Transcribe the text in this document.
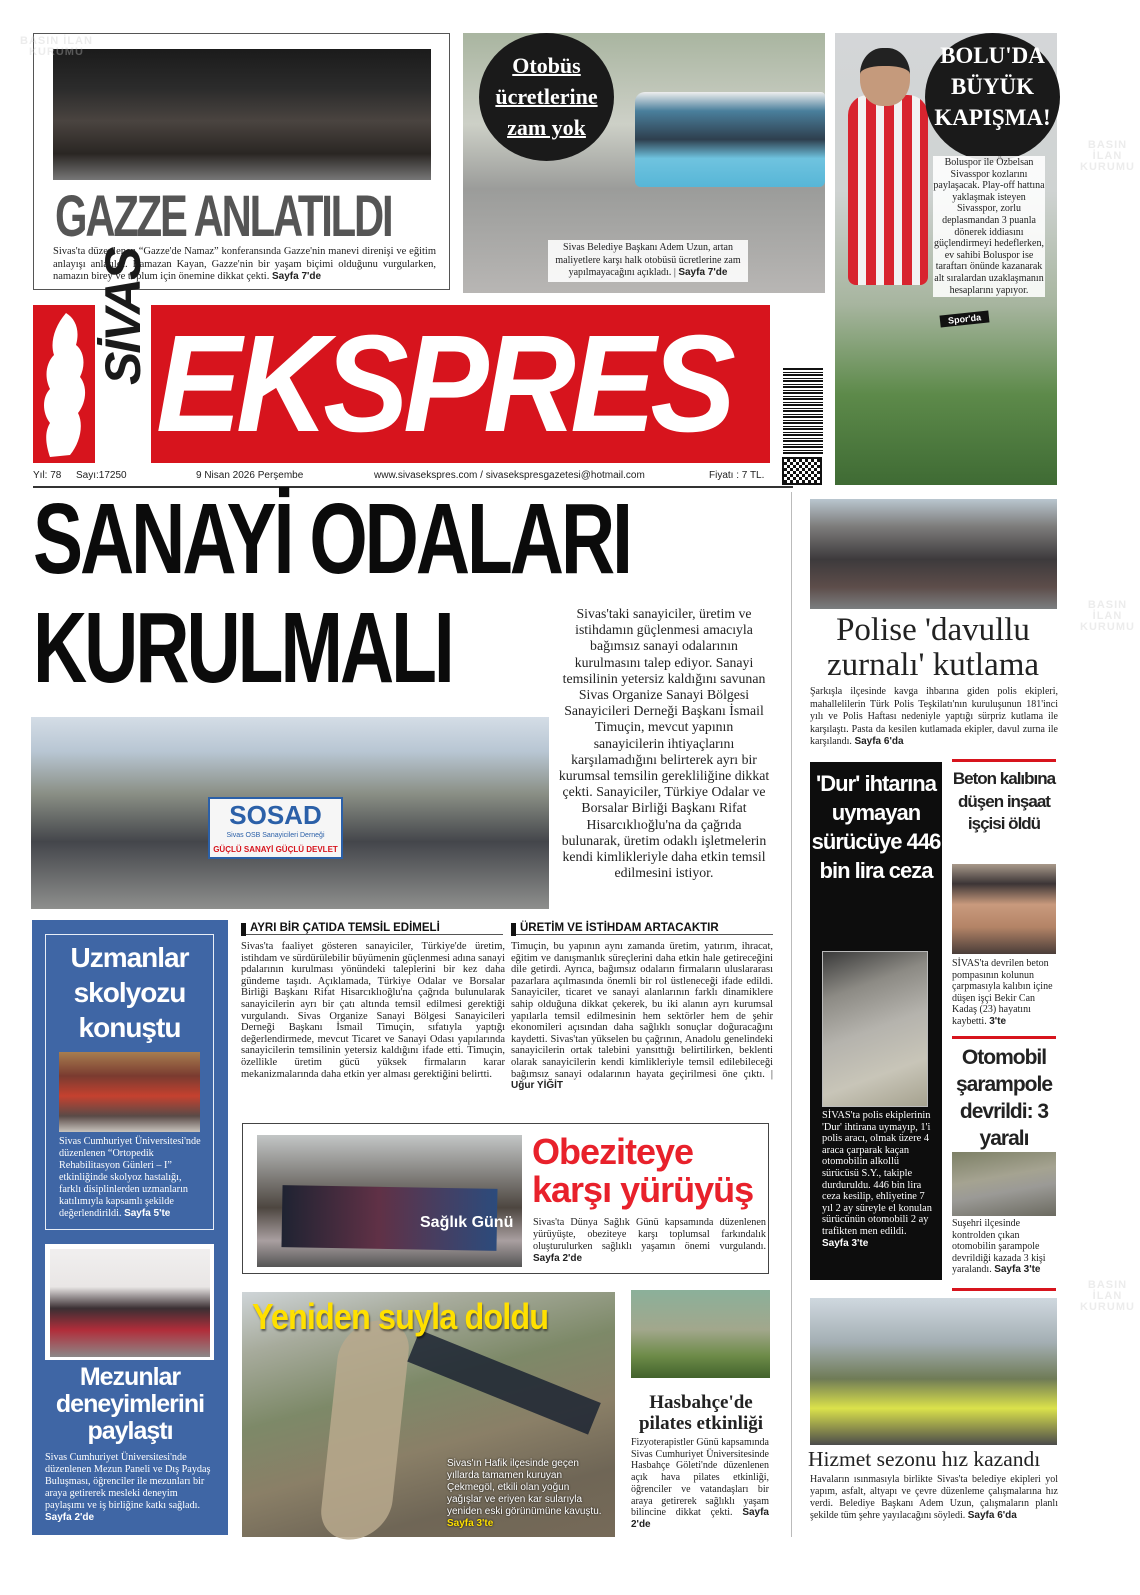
GAZZE ANLATILDI
Sivas'ta düzenlenen “Gazze'de Namaz” konferansında Gazze'nin manevi direnişi ve eğitim anlayışı anlatıldı. Ramazan Kayan, Gazze'nin bir yaşam biçimi olduğunu vurgularken, namazın birey ve toplum için önemine dikkat çekti. Sayfa 7'de
Otobüs
ücretlerine
zam yok
Sivas Belediye Başkanı Adem Uzun, artan maliyetlere karşı halk otobüsü ücretlerine zam yapılmayacağını açıkladı. | Sayfa 7'de
BOLU'DA
BÜYÜK
KAPIŞMA!
Boluspor ile Özbelsan Sivasspor kozlarını paylaşacak. Play-off hattına yaklaşmak isteyen Sivasspor, zorlu deplasmandan 3 puanla dönerek iddiasını güçlendirmeyi hedeflerken, ev sahibi Boluspor ise taraftarı önünde kazanarak alt sıralardan uzaklaşmanın hesaplarını yapıyor.
Spor'da
SİVAS EKSPRES
Yıl: 78 Sayı:17250	9 Nisan 2026 Perşembe	www.sivasekspres.com / sivasekspresgazetesi@hotmail.com	Fiyatı : 7 TL.
SANAYİ ODALARI
KURULMALI	Sivas'taki sanayiciler, üretim ve istihdamın güçlenmesi amacıyla bağımsız sanayi odalarının kurulmasını talep ediyor. Sanayi temsilinin yetersiz kaldığını savunan Sivas Organize Sanayi Bölgesi Sanayicileri Derneği Başkanı İsmail Timuçin, mevcut yapının sanayicilerin ihtiyaçlarını karşılamadığını belirterek ayrı bir kurumsal temsilin gerekliliğine dikkat çekti. Sanayiciler, Türkiye Odalar ve Borsalar Birliği Başkanı Rifat Hisarcıklıoğlu'na da çağrıda bulunarak, üretim odaklı işletmelerin kendi kimlikleriyle daha etkin temsil edilmesini istiyor.
SOSAD
Sivas OSB Sanayicileri Derneği
GÜÇLÜ SANAYİ GÜÇLÜ DEVLET
AYRI BİR ÇATIDA TEMSİL EDİMELİ
Sivas'ta faaliyet gösteren sanayiciler, Türkiye'de üretim, istihdam ve sürdürülebilir büyümenin güçlenmesi adına sanayi pdalarının kurulması yönündeki taleplerini bir kez daha gündeme taşıdı. Açıklamada, Türkiye Odalar ve Borsalar Birliği Başkanı Rifat Hisarcıklıoğlu'na çağrıda bulunularak sanayicilerin ayrı bir çatı altında temsil edilmesi gerektiği vurgulandı. Sivas Organize Sanayi Bölgesi Sanayicileri Derneği Başkanı İsmail Timuçin, sıfatıyla yaptığı değerlendirmede, mevcut Ticaret ve Sanayi Odası yapılarında sanayicilerin temsilinin yetersiz kaldığını ifade etti. Timuçin, özellikle üretim gücü yüksek firmaların karar mekanizmalarında daha etkin yer alması gerektiğini belirtti.
ÜRETİM VE İSTİHDAM ARTACAKTIR
Timuçin, bu yapının aynı zamanda üretim, yatırım, ihracat, eğitim ve danışmanlık süreçlerini daha etkin hale getireceğini dile getirdi. Ayrıca, bağımsız odaların firmaların uluslararası pazarlara açılmasında önemli bir rol üstleneceği ifade edildi. Sanayiciler, ticaret ve sanayi alanlarının farklı dinamiklere sahip olduğuna dikkat çekerek, bu iki alanın ayrı kurumsal yapılarla temsil edilmesinin hem sektörler hem de şehir ekonomileri açısından daha sağlıklı sonuçlar doğuracağını kaydetti. Sivas'tan yükselen bu çağrının, Anadolu genelindeki sanayicilerin ortak talebini yansıttığı belirtilirken, beklenti olarak sanayicilerin kendi kimlikleriyle temsil edilebileceği bağımsız sanayi odalarının hayata geçirilmesi öne çıktı. | Uğur YİĞİT
Sağlık Günü
Obeziteye karşı yürüyüş
Sivas'ta Dünya Sağlık Günü kapsamında düzenlenen yürüyüşte, obeziteye karşı toplumsal farkındalık oluşturulurken sağlıklı yaşamın önemi vurgulandı. Sayfa 2'de
Uzmanlar skolyozu konuştu
Sivas Cumhuriyet Üniversitesi'nde düzenlenen “Ortopedik Rehabilitasyon Günleri – I” etkinliğinde skolyoz hastalığı, farklı disiplinlerden uzmanların katılımıyla kapsamlı şekilde değerlendirildi. Sayfa 5'te
Mezunlar deneyimlerini paylaştı
Sivas Cumhuriyet Üniversitesi'nde düzenlenen Mezun Paneli ve Dış Paydaş Buluşması, öğrenciler ile mezunları bir araya getirerek mesleki deneyim paylaşımı ve iş birliğine katkı sağladı. Sayfa 2'de
Yeniden suyla doldu
Sivas'ın Hafik ilçesinde geçen yıllarda tamamen kuruyan Çekmegöl, etkili olan yoğun yağışlar ve eriyen kar sularıyla yeniden eski görünümüne kavuştu. Sayfa 3'te
Hasbahçe'de pilates etkinliği
Fizyoterapistler Günü kapsamında Sivas Cumhuriyet Üniversitesinde Hasbahçe Göleti'nde düzenlenen açık hava pilates etkinliği, öğrenciler ve vatandaşları bir araya getirerek sağlıklı yaşam bilincine dikkat çekti. Sayfa 2'de
Polise 'davullu zurnalı' kutlama
Şarkışla ilçesinde kavga ihbarına giden polis ekipleri, mahallelilerin Türk Polis Teşkilatı'nın kuruluşunun 181'inci yılı ve Polis Haftası nedeniyle yaptığı sürpriz kutlama ile karşılaştı. Pasta da kesilen kutlamada ekipler, davul zurna ile karşılandı. Sayfa 6'da
'Dur' ihtarına uymayan sürücüye 446 bin lira ceza
SİVAS'ta polis ekiplerinin 'Dur' ihtirana uymayıp, 1'i polis aracı, olmak üzere 4 araca çarparak kaçan otomobilin alkollü sürücüsü S.Y., takiple durduruldu. 446 bin lira ceza kesilip, ehliyetine 7 yıl 2 ay süreyle el konulan sürücünün otomobili 2 ay trafikten men edildi. Sayfa 3'te
Beton kalıbına düşen inşaat işçisi öldü
SİVAS'ta devrilen beton pompasının kolunun çarpmasıyla kalıbın içine düşen işçi Bekir Can Kadaş (23) hayatını kaybetti. 3'te
Otomobil şarampole devrildi: 3 yaralı
Suşehri ilçesinde kontrolden çıkan otomobilin şarampole devrildiği kazada 3 kişi yaralandı. Sayfa 3'te
Hizmet sezonu hız kazandı
Havaların ısınmasıyla birlikte Sivas'ta belediye ekipleri yol yapım, asfalt, altyapı ve çevre düzenleme çalışmalarına hız verdi. Belediye Başkanı Adem Uzun, çalışmaların planlı şekilde tüm şehre yayılacağını söyledi. Sayfa 6'da
BASIN İLAN
KURUMU
BASIN İLAN
KURUMU
BASIN İLAN
KURUMU
BASIN İLAN
KURUMU
